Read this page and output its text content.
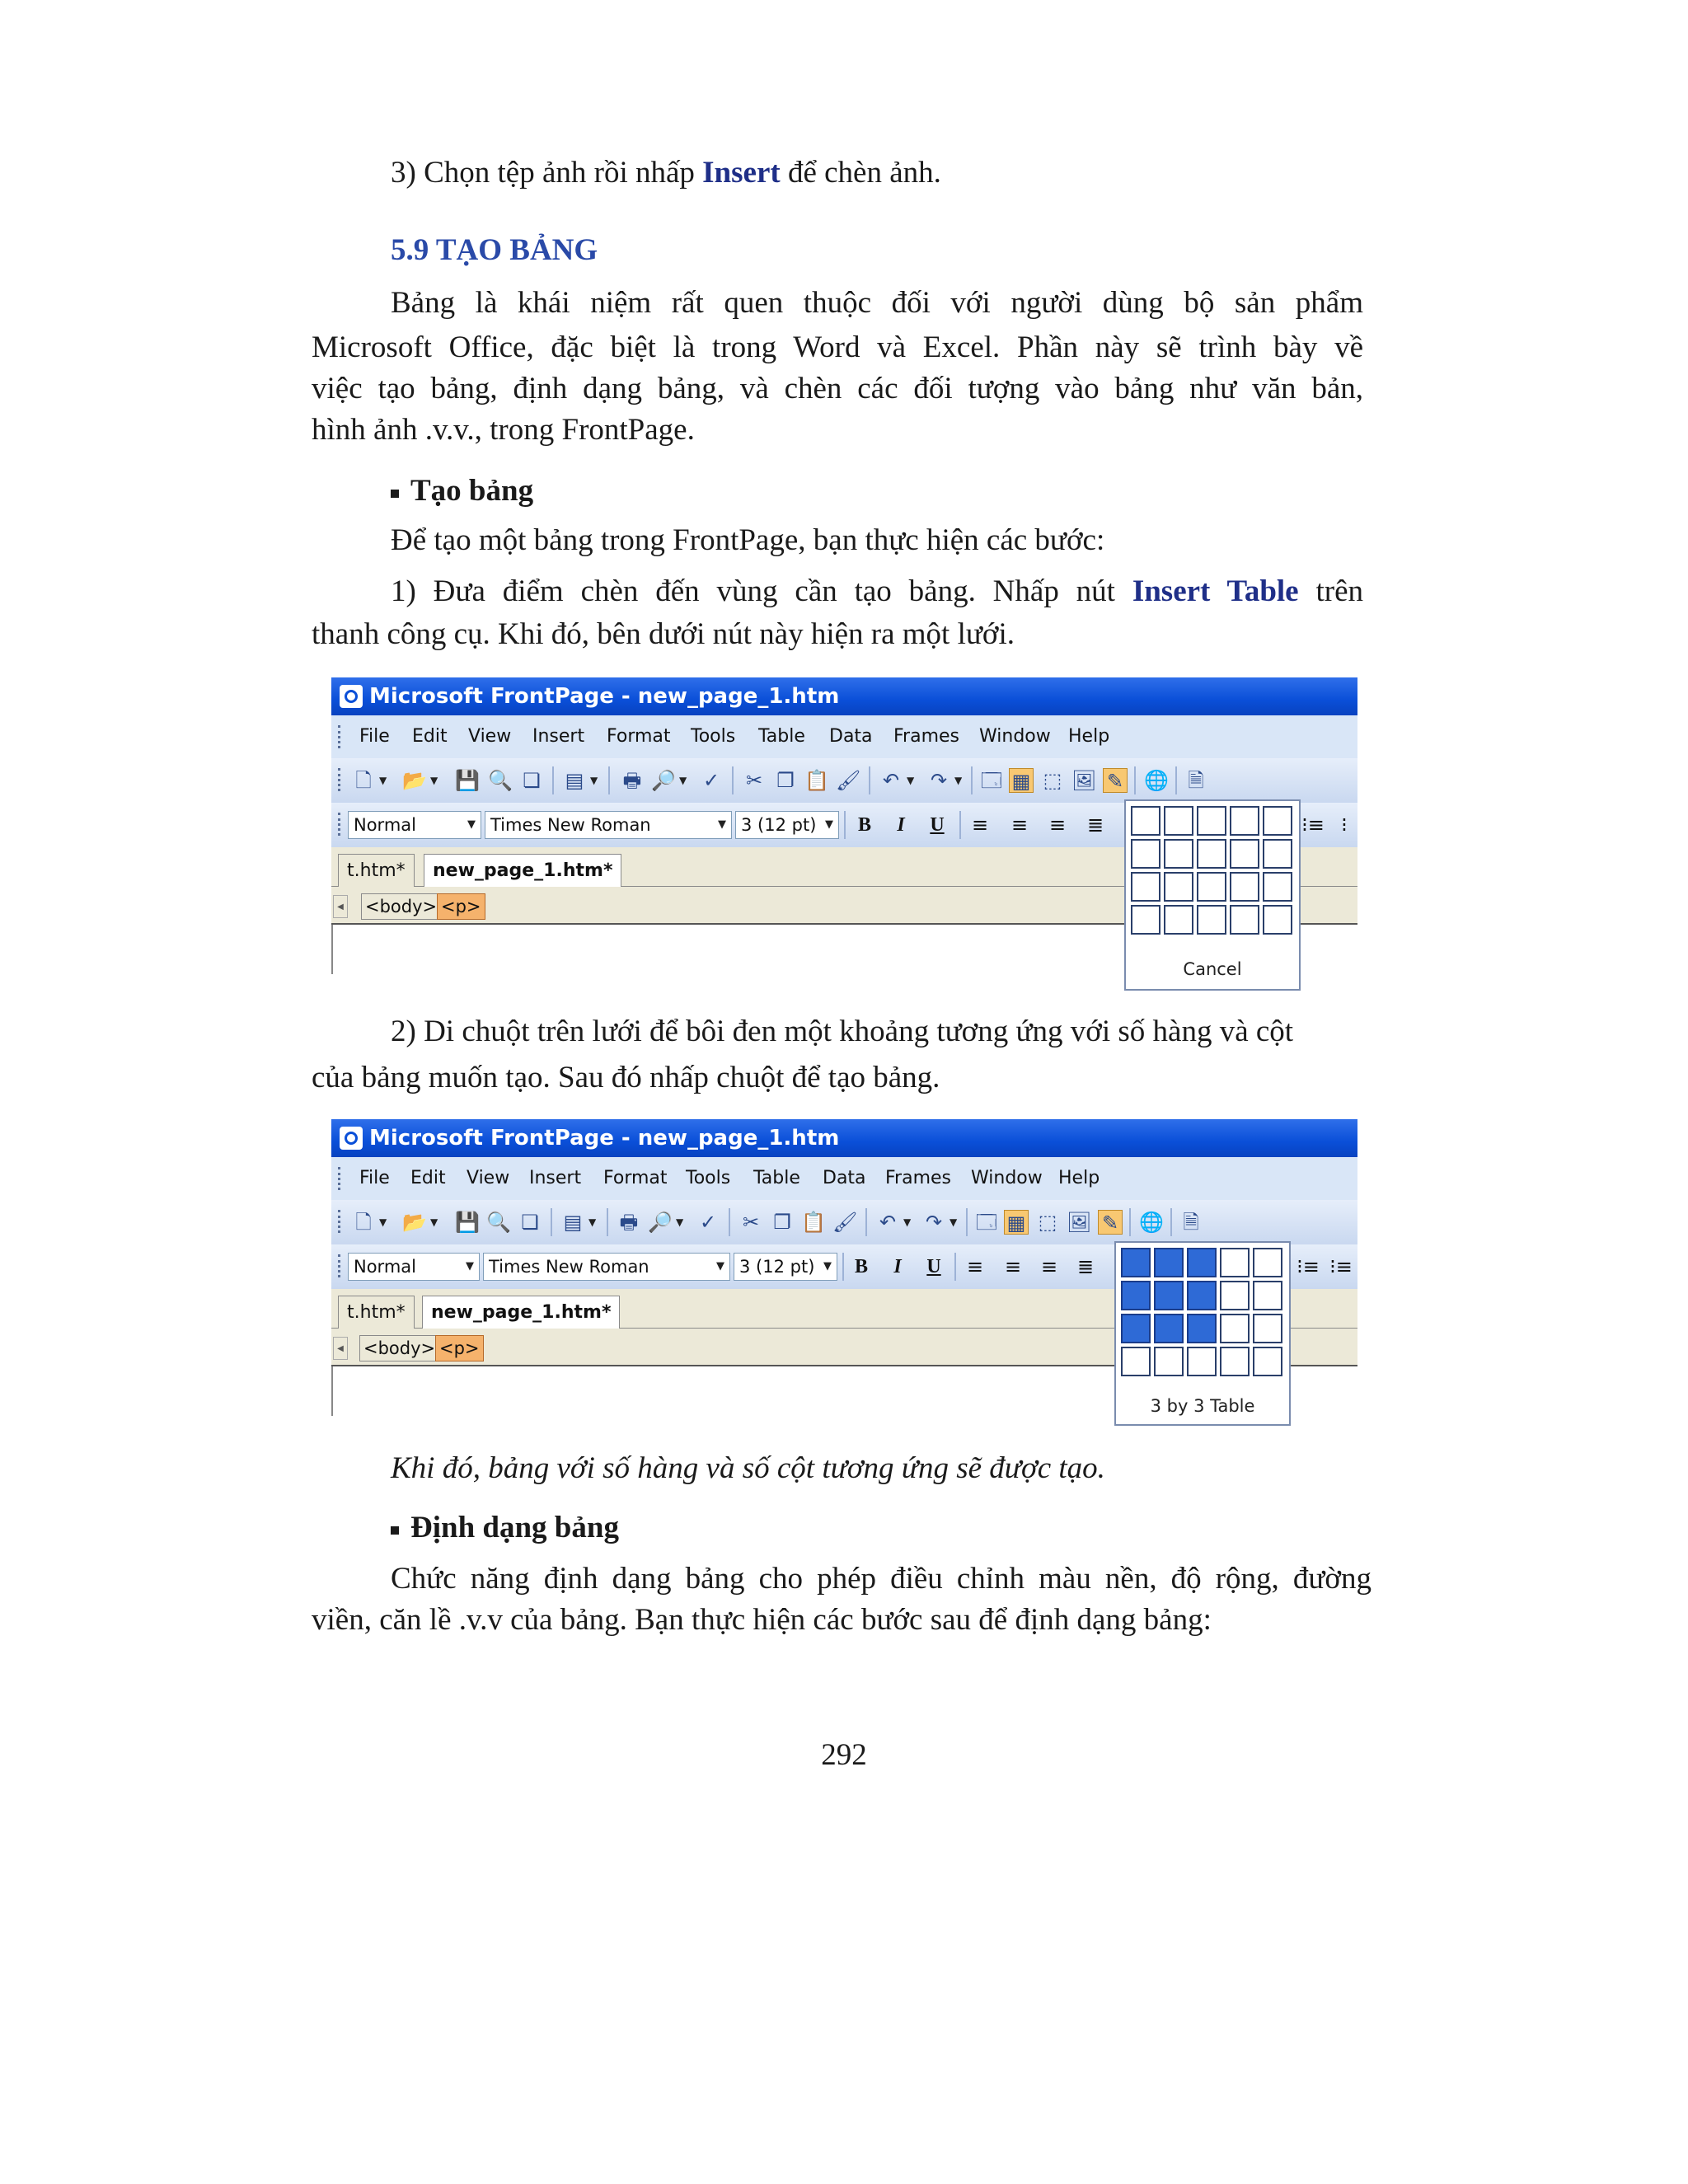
3) Chọn tệp ảnh rồi nhấp Insert để chèn ảnh.

5.9 TẠO BẢNG

Bảng là khái niệm rất quen thuộc đối với người dùng bộ sản phẩm

Microsoft Office, đặc biệt là trong Word và Excel. Phần này sẽ trình bày về

việc tạo bảng, định dạng bảng, và chèn các đối tượng vào bảng như văn bản,

hình ảnh .v.v., trong FrontPage.

Tạo bảng

Để tạo một bảng trong FrontPage, bạn thực hiện các bước:

1) Đưa điểm chèn đến vùng cần tạo bảng. Nhấp nút Insert Table trên

thanh công cụ. Khi đó, bên dưới nút này hiện ra một lưới.

Microsoft FrontPage - new_page_1.htm
File Edit View Insert Format Tools Table Data Frames Window Help
🗋 ▼ 📂 ▼ 💾 🔍 ❏ ▤ ▼ 🖶 🔎 ▼ ✓ ✂ ❐ 📋 🖌 ↶ ▼ ↷ ▼ 🗔 ▦ ⬚ 🖼 ✎ 🌐 🗎
Normal	▼ Times New Roman	▼ 3 (12 pt) ▼ B	I	U ≡ ≡ ≡ ≣	⁝≡ ⁝
t.htm*	new_page_1.htm*
◀ <body> <p>
Cancel

2) Di chuột trên lưới để bôi đen một khoảng tương ứng với số hàng và cột

của bảng muốn tạo. Sau đó nhấp chuột để tạo bảng.

Microsoft FrontPage - new_page_1.htm
File Edit View Insert Format Tools Table Data Frames Window Help
🗋 ▼ 📂 ▼ 💾 🔍 ❏ ▤ ▼ 🖶 🔎 ▼ ✓ ✂ ❐ 📋 🖌 ↶ ▼ ↷ ▼ 🗔 ▦ ⬚ 🖼 ✎ 🌐 🗎
Normal	▼ Times New Roman	▼ 3 (12 pt) ▼ B	I	U ≡ ≡ ≡ ≣	⁝≡ ⁝≡
t.htm*	new_page_1.htm*
◀ <body> <p>
3 by 3 Table

Khi đó, bảng với số hàng và số cột tương ứng sẽ được tạo.

Định dạng bảng

Chức năng định dạng bảng cho phép điều chỉnh màu nền, độ rộng, đường

viền, căn lề .v.v của bảng. Bạn thực hiện các bước sau để định dạng bảng:

292
